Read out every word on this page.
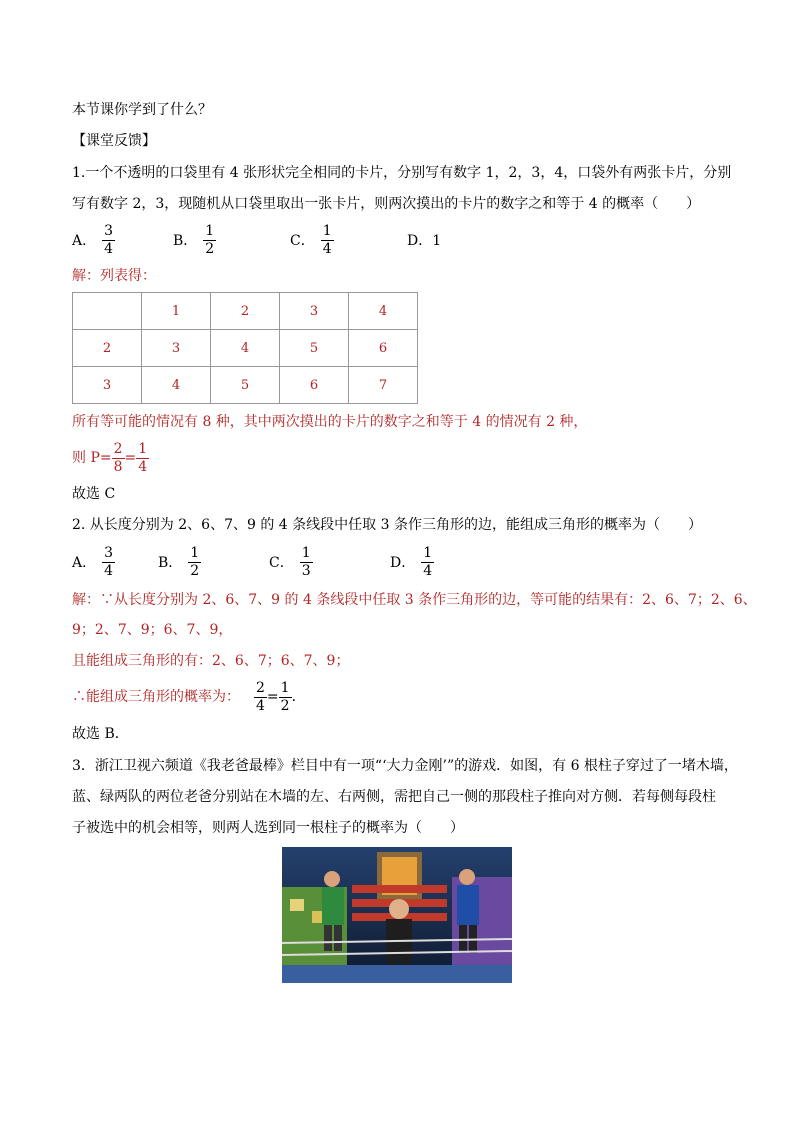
本节课你学到了什么？
【课堂反馈】
1.一个不透明的口袋里有 4 张形状完全相同的卡片，分别写有数字 1，2，3，4，口袋外有两张卡片，分别
写有数字 2，3，现随机从口袋里取出一张卡片，则两次摸出的卡片的数字之和等于 4 的概率（　　）
A． $\frac{3}{4}$	B． $\frac{1}{2}$	C． $\frac{1}{4}$	D．1
解：列表得：
	1	2	3	4
2	3	4	5	6
3	4	5	6	7
所有等可能的情况有 8 种，其中两次摸出的卡片的数字之和等于 4 的情况有 2 种，
则 $P= \frac{2}{8} = \frac{1}{4}$
故选 C
2. 从长度分别为 2、6、7、9 的 4 条线段中任取 3 条作三角形的边，能组成三角形的概率为（　　）
A． $\frac{3}{4}$	B． $\frac{1}{2}$	C． $\frac{1}{3}$	D． $\frac{1}{4}$
解：∵从长度分别为 2、6、7、9 的 4 条线段中任取 3 条作三角形的边，等可能的结果有：2、6、7；2、6、
9；2、7、9；6、7、9，
且能组成三角形的有：2、6、7；6、7、9；
∴能组成三角形的概率为： $\frac{2}{4} = \frac{1}{2}$ ．
故选 B．
3．浙江卫视六频道《我老爸最棒》栏目中有一项“‘大力金刚’”的游戏．如图，有 6 根柱子穿过了一堵木墙，
蓝、绿两队的两位老爸分别站在木墙的左、右两侧，需把自己一侧的那段柱子推向对方侧．若每侧每段柱
子被选中的机会相等，则两人选到同一根柱子的概率为（　　）
